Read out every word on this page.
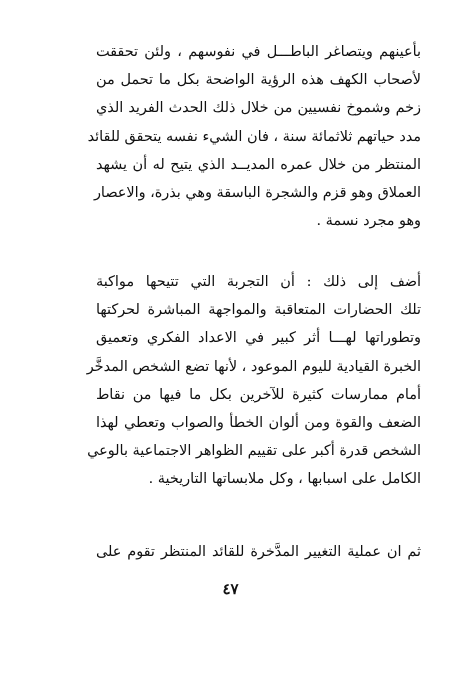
بأعينهم ويتصاغر الباطـــل في نفوسهم ، ولئن تحققت
لأصحاب الكهف هذه الرؤية الواضحة بكل ما تحمل من
زخم وشموخ نفسيين من خلال ذلك الحدث الفريد الذي
مدد حياتهم ثلاثمائة سنة ، فان الشيء نفسه يتحقق للقائد
المنتظر من خلال عمره المديــد الذي يتيح له أن يشهد
العملاق وهو قزم والشجرة الباسقة وهي بذرة، والاعصار
وهو مجرد نسمة .
أضف إلى ذلك : أن التجربة التي تتيحها مواكبة
تلك الحضارات المتعاقبة والمواجهة المباشرة لحركتها
وتطوراتها لهـــا أثر كبير في الاعداد الفكري وتعميق
الخبرة القيادية لليوم الموعود ، لأنها تضع الشخص المدخَّر
أمام ممارسات كثيرة للآخرين بكل ما فيها من نقاط
الضعف والقوة ومن ألوان الخطأ والصواب وتعطي لهذا
الشخص قدرة أكبر على تقييم الظواهر الاجتماعية بالوعي
الكامل على اسبابها ، وكل ملابساتها التاريخية .
ثم ان عملية التغيير المدَّخرة للقائد المنتظر تقوم على
٤٧
